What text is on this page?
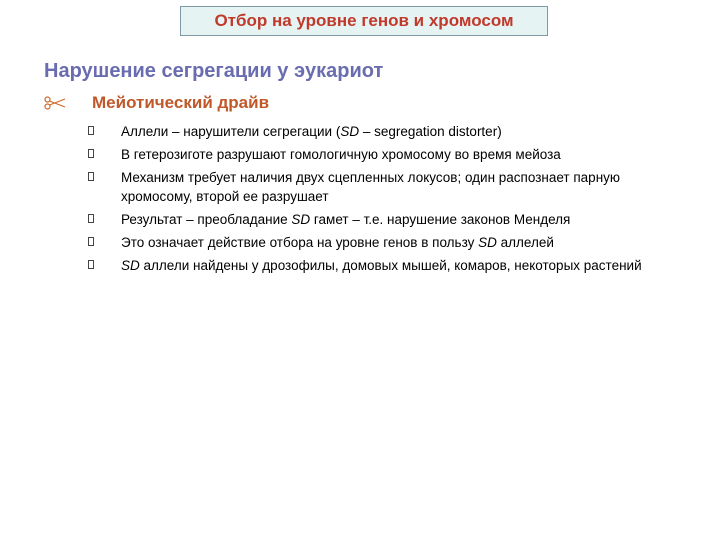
Отбор на уровне генов и хромосом
Нарушение сегрегации у эукариот
Мейотический драйв
Аллели – нарушители сегрегации (SD – segregation distorter)
В гетерозиготе разрушают гомологичную хромосому во время мейоза
Механизм требует наличия двух сцепленных локусов; один распознает парную хромосому, второй ее разрушает
Результат – преобладание SD гамет – т.е. нарушение законов Менделя
Это означает действие отбора на уровне генов в пользу SD аллелей
SD аллели найдены у дрозофилы, домовых мышей, комаров, некоторых растений
